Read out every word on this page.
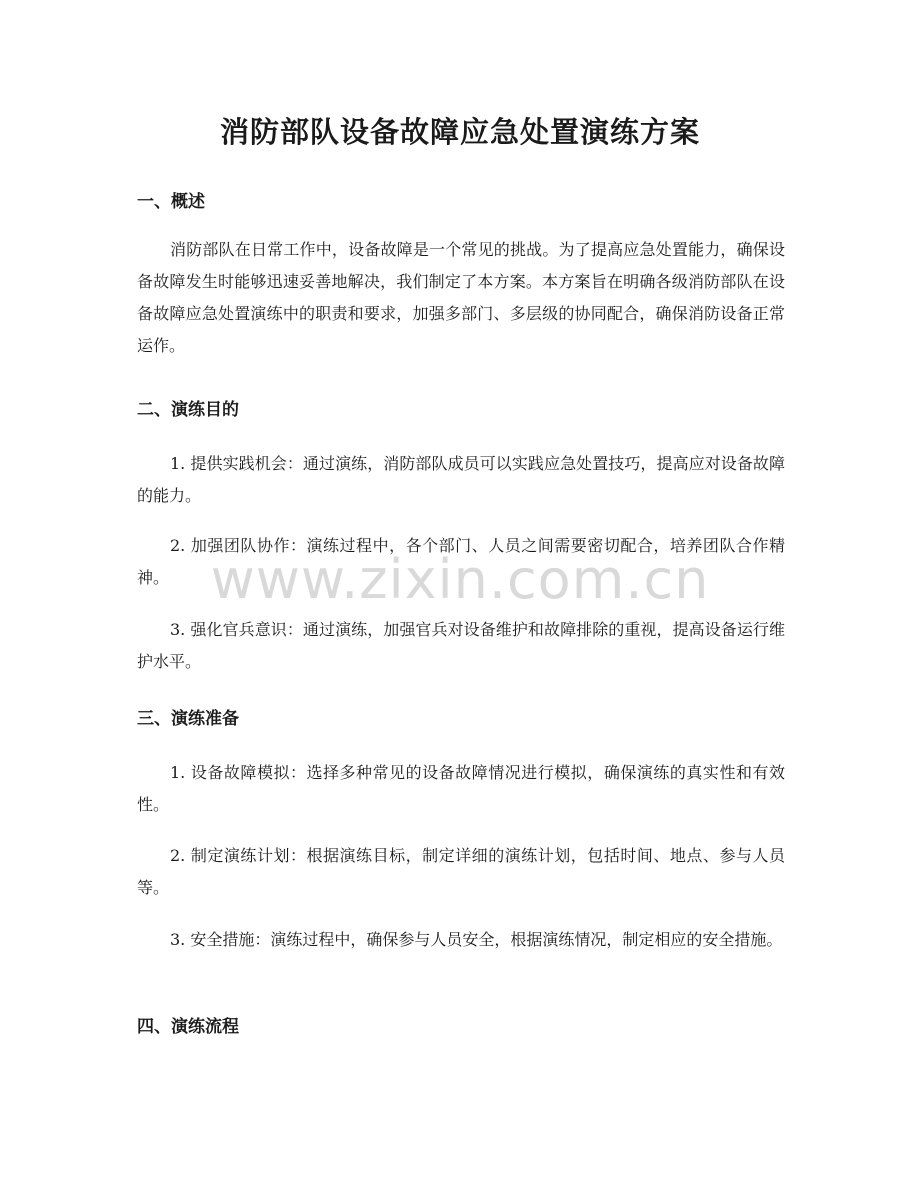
消防部队设备故障应急处置演练方案
一、概述

消防部队在日常工作中，设备故障是一个常见的挑战。为了提高应急处置能力，确保设备故障发生时能够迅速妥善地解决，我们制定了本方案。本方案旨在明确各级消防部队在设备故障应急处置演练中的职责和要求，加强多部门、多层级的协同配合，确保消防设备正常运作。

二、演练目的

1. 提供实践机会：通过演练，消防部队成员可以实践应急处置技巧，提高应对设备故障的能力。

2. 加强团队协作：演练过程中，各个部门、人员之间需要密切配合，培养团队合作精神。

3. 强化官兵意识：通过演练，加强官兵对设备维护和故障排除的重视，提高设备运行维护水平。

三、演练准备

1. 设备故障模拟：选择多种常见的设备故障情况进行模拟，确保演练的真实性和有效性。

2. 制定演练计划：根据演练目标，制定详细的演练计划，包括时间、地点、参与人员等。

3. 安全措施：演练过程中，确保参与人员安全，根据演练情况，制定相应的安全措施。

四、演练流程
www.zixin.com.cn
